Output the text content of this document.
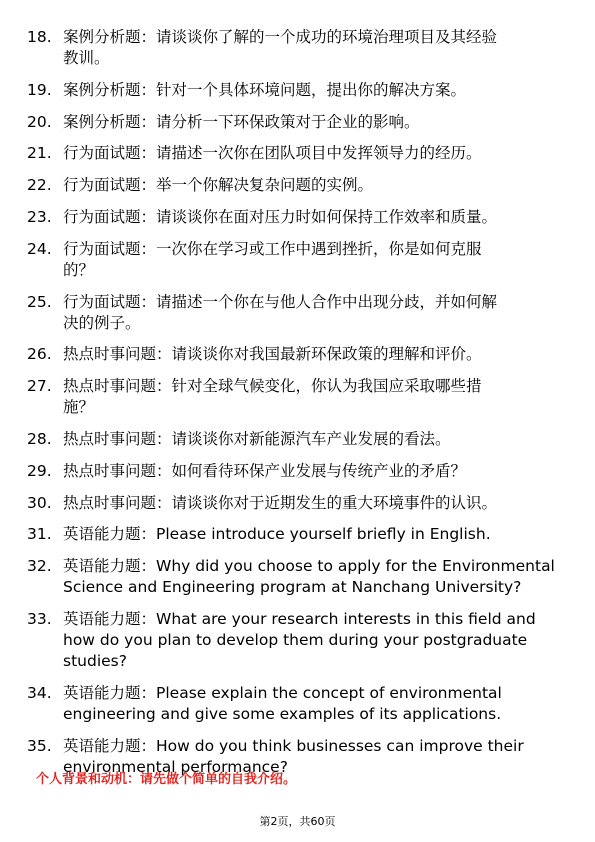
18. 案例分析题：请谈谈你了解的一个成功的环境治理项目及其经验
教训。
19. 案例分析题：针对一个具体环境问题，提出你的解决方案。
20. 案例分析题：请分析一下环保政策对于企业的影响。
21. 行为面试题：请描述一次你在团队项目中发挥领导力的经历。
22. 行为面试题：举一个你解决复杂问题的实例。
23. 行为面试题：请谈谈你在面对压力时如何保持工作效率和质量。
24. 行为面试题：一次你在学习或工作中遇到挫折，你是如何克服
的？
25. 行为面试题：请描述一个你在与他人合作中出现分歧，并如何解
决的例子。
26. 热点时事问题：请谈谈你对我国最新环保政策的理解和评价。
27. 热点时事问题：针对全球气候变化，你认为我国应采取哪些措
施？
28. 热点时事问题：请谈谈你对新能源汽车产业发展的看法。
29. 热点时事问题：如何看待环保产业发展与传统产业的矛盾？
30. 热点时事问题：请谈谈你对于近期发生的重大环境事件的认识。
31. 英语能力题：Please introduce yourself briefly in English.
32. 英语能力题：Why did you choose to apply for the Environmental
Science and Engineering program at Nanchang University?
33. 英语能力题：What are your research interests in this field and
how do you plan to develop them during your postgraduate
studies?
34. 英语能力题：Please explain the concept of environmental
engineering and give some examples of its applications.
35. 英语能力题：How do you think businesses can improve their
environmental performance?
个人背景和动机：请先做个简单的自我介绍。
第2页，共60页
